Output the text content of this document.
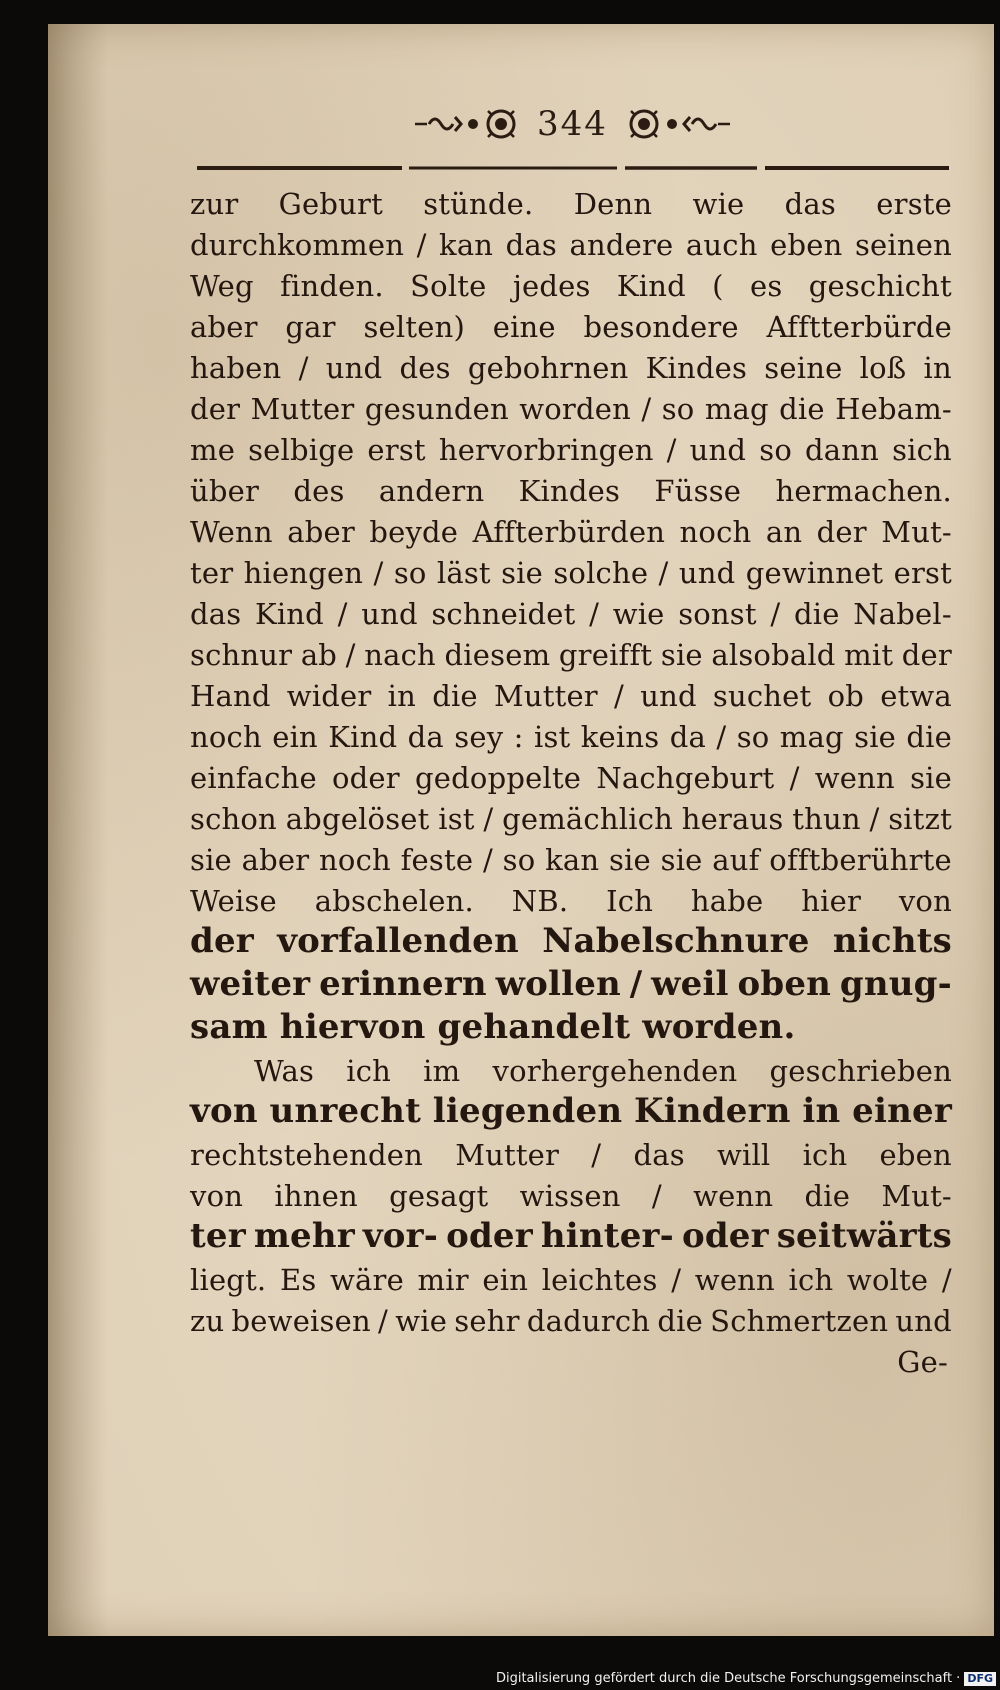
344
zur Geburt stünde. Denn wie das erste
durchkommen / kan das andere auch eben seinen
Weg finden. Solte jedes Kind ( es geschicht
aber gar selten) eine besondere Afftterbürde
haben / und des gebohrnen Kindes seine loß in
der Mutter gesunden worden / so mag die Hebam-
me selbige erst hervorbringen / und so dann sich
über des andern Kindes Füsse hermachen.
Wenn aber beyde Affterbürden noch an der Mut-
ter hiengen / so läst sie solche / und gewinnet erst
das Kind / und schneidet / wie sonst / die Nabel-
schnur ab / nach diesem greifft sie alsobald mit der
Hand wider in die Mutter / und suchet ob etwa
noch ein Kind da sey : ist keins da / so mag sie die
einfache oder gedoppelte Nachgeburt / wenn sie
schon abgelöset ist / gemächlich heraus thun / sitzt
sie aber noch feste / so kan sie sie auf offtberührte
Weise abschelen. NB. Ich habe hier von
der vorfallenden Nabelschnure nichts
weiter erinnern wollen / weil oben gnug-
sam hiervon gehandelt worden.
Was ich im vorhergehenden geschrieben
von unrecht liegenden Kindern in einer
rechtstehenden Mutter / das will ich eben
von ihnen gesagt wissen / wenn die Mut-
ter mehr vor- oder hinter- oder seitwärts
liegt. Es wäre mir ein leichtes / wenn ich wolte /
zu beweisen / wie sehr dadurch die Schmertzen und
Ge-
Digitalisierung gefördert durch die Deutsche Forschungsgemeinschaft · DFG
